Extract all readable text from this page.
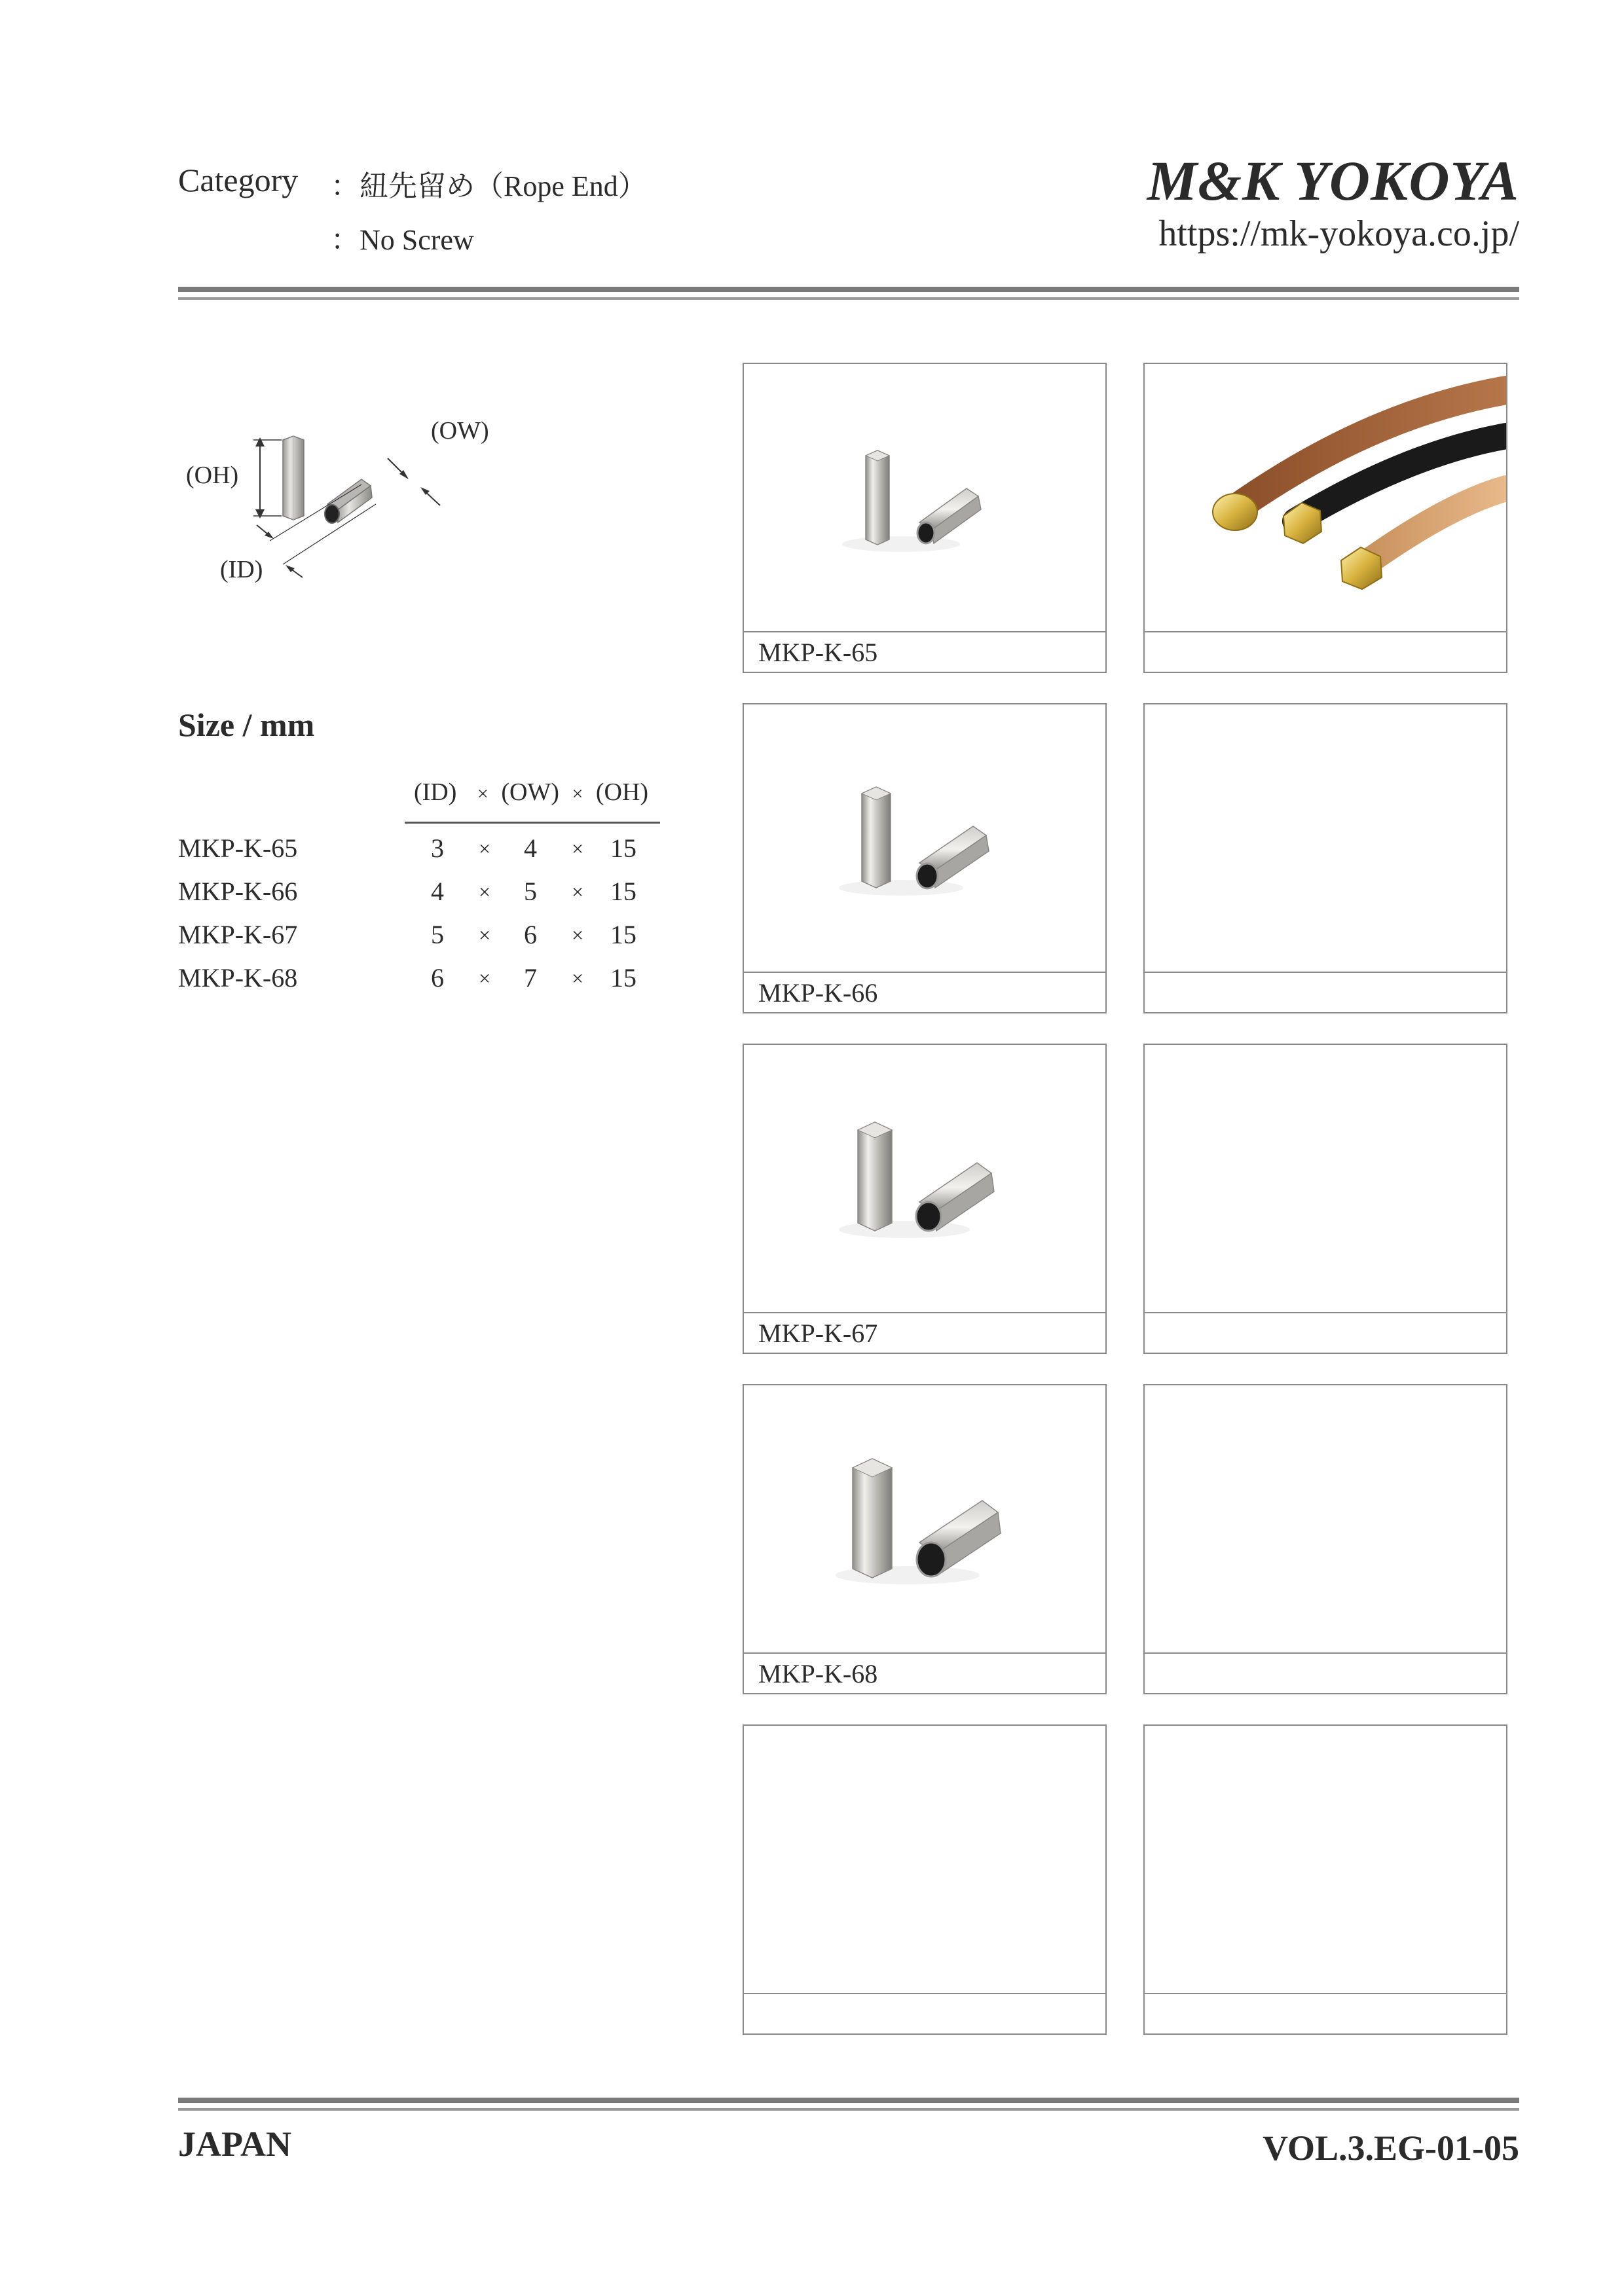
Category ：紐先留め（Rope End）
：No Screw
M&K YOKOYA
https://mk-yokoya.co.jp/
(OH)
(OW)
(ID)
Size / mm
(ID) × (OW) × (OH)
MKP-K-65	3	×	4	× 15
MKP-K-66	4	×	5	× 15
MKP-K-67	5	×	6	× 15
MKP-K-68	6	×	7	× 15
MKP-K-65
MKP-K-66
MKP-K-67
MKP-K-68
JAPAN	VOL.3.EG-01-05
